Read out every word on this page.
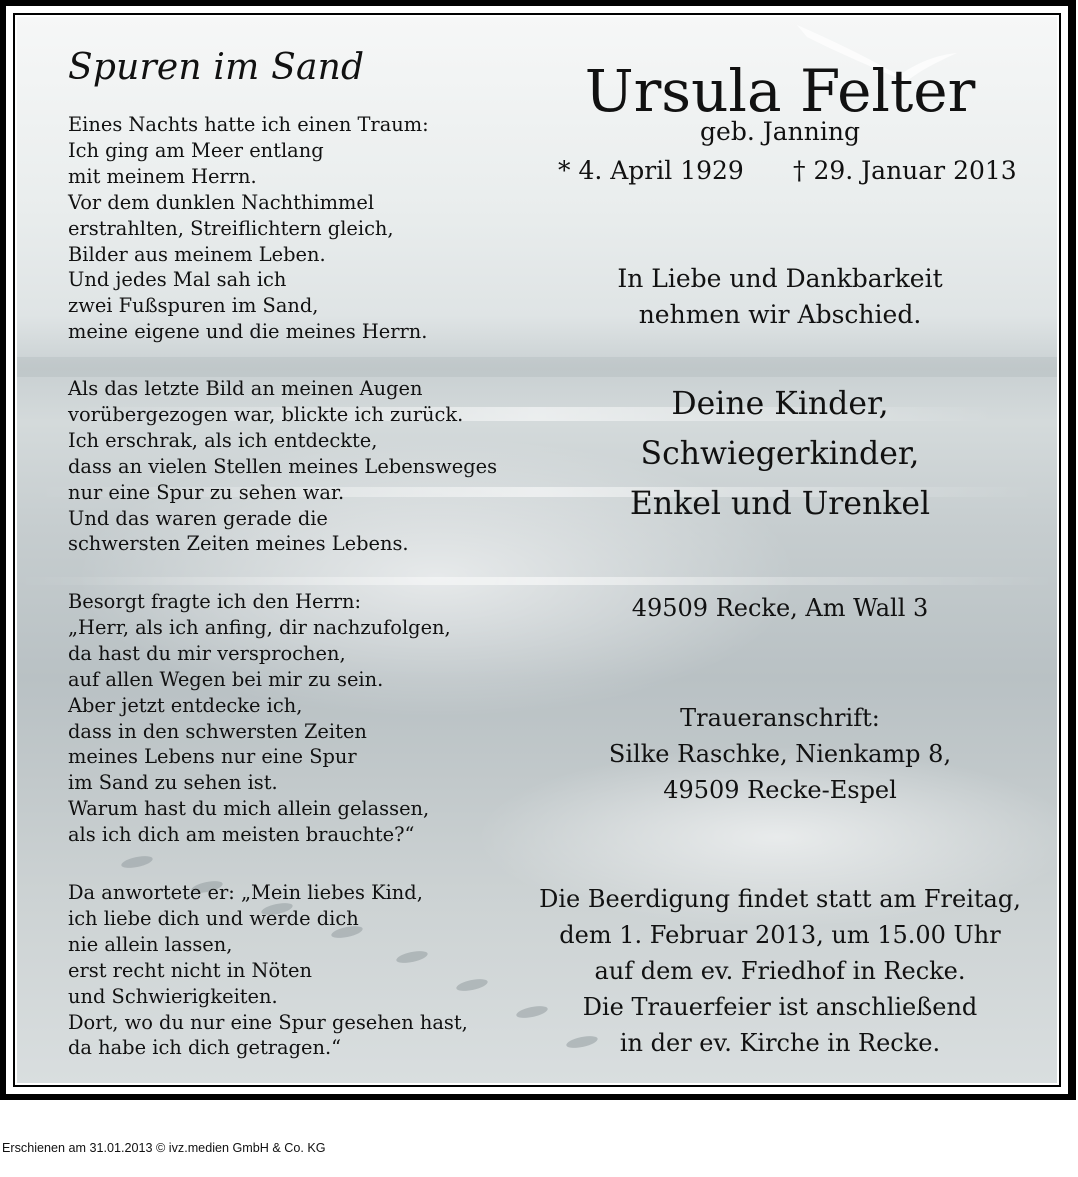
Spuren im Sand

Eines Nachts hatte ich einen Traum:
Ich ging am Meer entlang
mit meinem Herrn.
Vor dem dunklen Nachthimmel
erstrahlten, Streiflichtern gleich,
Bilder aus meinem Leben.
Und jedes Mal sah ich
zwei Fußspuren im Sand,
meine eigene und die meines Herrn.

Als das letzte Bild an meinen Augen
vorübergezogen war, blickte ich zurück.
Ich erschrak, als ich entdeckte,
dass an vielen Stellen meines Lebensweges
nur eine Spur zu sehen war.
Und das waren gerade die
schwersten Zeiten meines Lebens.

Besorgt fragte ich den Herrn:
„Herr, als ich anfing, dir nachzufolgen,
da hast du mir versprochen,
auf allen Wegen bei mir zu sein.
Aber jetzt entdecke ich,
dass in den schwersten Zeiten
meines Lebens nur eine Spur
im Sand zu sehen ist.
Warum hast du mich allein gelassen,
als ich dich am meisten brauchte?“

Da anwortete er: „Mein liebes Kind,
ich liebe dich und werde dich
nie allein lassen,
erst recht nicht in Nöten
und Schwierigkeiten.
Dort, wo du nur eine Spur gesehen hast,
da habe ich dich getragen.“

Ursula Felter

geb. Janning

* 4. April 1929 † 29. Januar 2013

In Liebe und Dankbarkeit
nehmen wir Abschied.

Deine Kinder,
Schwiegerkinder,
Enkel und Urenkel

49509 Recke, Am Wall 3

Traueranschrift:
Silke Raschke, Nienkamp 8,
49509 Recke-Espel

Die Beerdigung findet statt am Freitag,
dem 1. Februar 2013, um 15.00 Uhr
auf dem ev. Friedhof in Recke.
Die Trauerfeier ist anschließend
in der ev. Kirche in Recke.

Erschienen am 31.01.2013 © ivz.medien GmbH & Co. KG
